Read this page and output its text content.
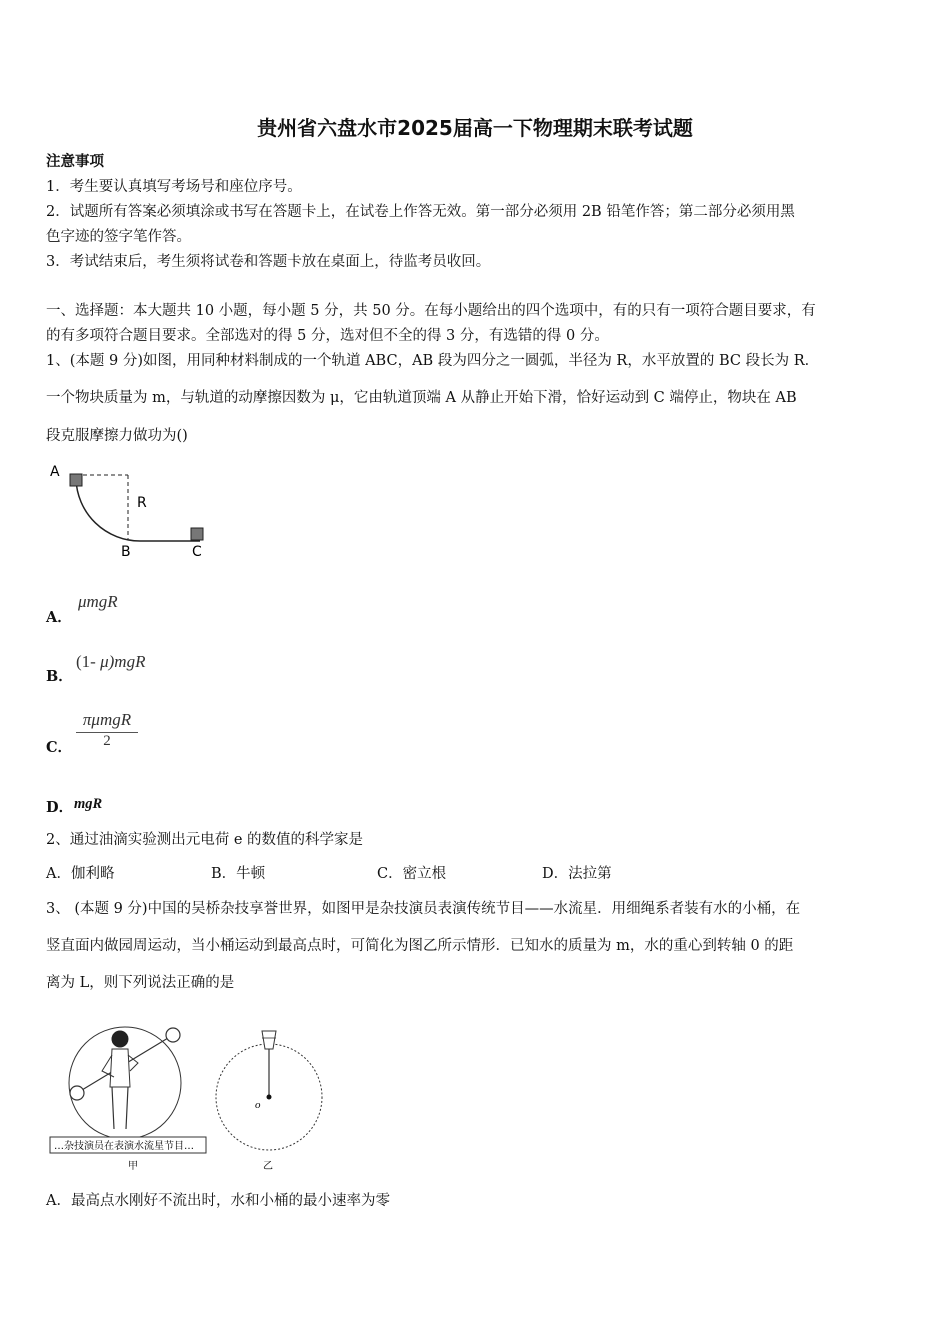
贵州省六盘水市2025届高一下物理期末联考试题
注意事项
1．考生要认真填写考场号和座位序号。
2．试题所有答案必须填涂或书写在答题卡上，在试卷上作答无效。第一部分必须用 2B 铅笔作答；第二部分必须用黑
色字迹的签字笔作答。
3．考试结束后，考生须将试卷和答题卡放在桌面上，待监考员收回。
一、选择题：本大题共 10 小题，每小题 5 分，共 50 分。在每小题给出的四个选项中，有的只有一项符合题目要求，有
的有多项符合题目要求。全部选对的得 5 分，选对但不全的得 3 分，有选错的得 0 分。
1、(本题 9 分)如图，用同种材料制成的一个轨道 ABC，AB 段为四分之一圆弧，半径为 R，水平放置的 BC 段长为 R．
一个物块质量为 m，与轨道的动摩擦因数为 μ，它由轨道顶端 A 从静止开始下滑，恰好运动到 C 端停止，物块在 AB
段克服摩擦力做功为()
A
R
B	C
A．
μmgR
B．
(1- μ)mgR
C．
πμmgR
2
D． mgR
2、通过油滴实验测出元电荷 e 的数值的科学家是
A．伽利略	B．牛顿	C．密立根	D．法拉第
3、 (本题 9 分)中国的吴桥杂技享誉世界，如图甲是杂技演员表演传统节目——水流星．用细绳系者装有水的小桶，在
竖直面内做园周运动，当小桶运动到最高点时，可简化为图乙所示情形．已知水的质量为 m，水的重心到转轴 0 的距
离为 L，则下列说法正确的是
…杂技演员在表演水流星节目…
甲
o
乙
A．最高点水刚好不流出时，水和小桶的最小速率为零
